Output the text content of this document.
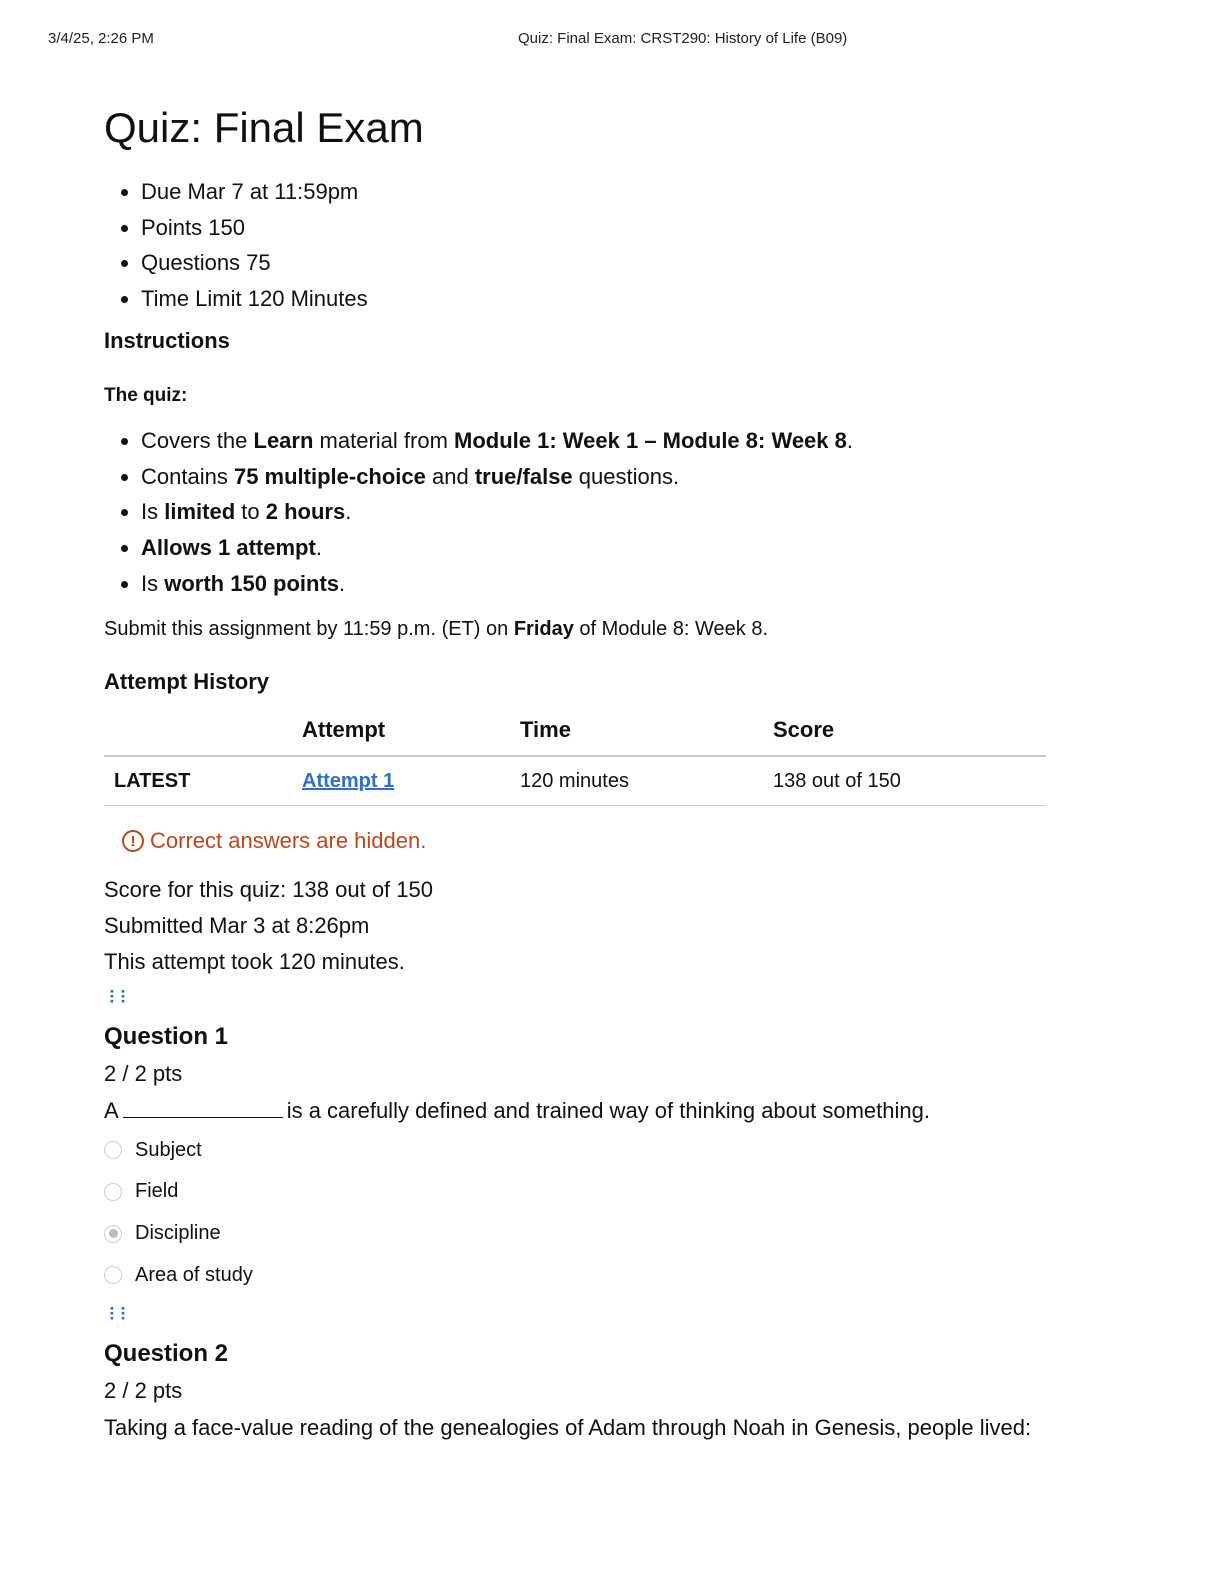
3/4/25, 2:26 PM	Quiz: Final Exam: CRST290: History of Life (B09)
Quiz: Final Exam
• Due Mar 7 at 11:59pm
• Points 150
• Questions 75
• Time Limit 120 Minutes
Instructions
The quiz:
• Covers the Learn material from Module 1: Week 1 – Module 8: Week 8.
• Contains 75 multiple-choice and true/false questions.
• Is limited to 2 hours.
• Allows 1 attempt.
• Is worth 150 points.
Submit this assignment by 11:59 p.m. (ET) on Friday of Module 8: Week 8.
Attempt History
	Attempt	Time	Score
LATEST	Attempt 1	120 minutes	138 out of 150
! Correct answers are hidden.
Score for this quiz: 138 out of 150
Submitted Mar 3 at 8:26pm
This attempt took 120 minutes.
⠇⠇
Question 1
2 / 2 pts
A	is a carefully defined and trained way of thinking about something.
Subject
Field
Discipline
Area of study
⠇⠇
Question 2
2 / 2 pts
Taking a face-value reading of the genealogies of Adam through Noah in Genesis, people lived:
